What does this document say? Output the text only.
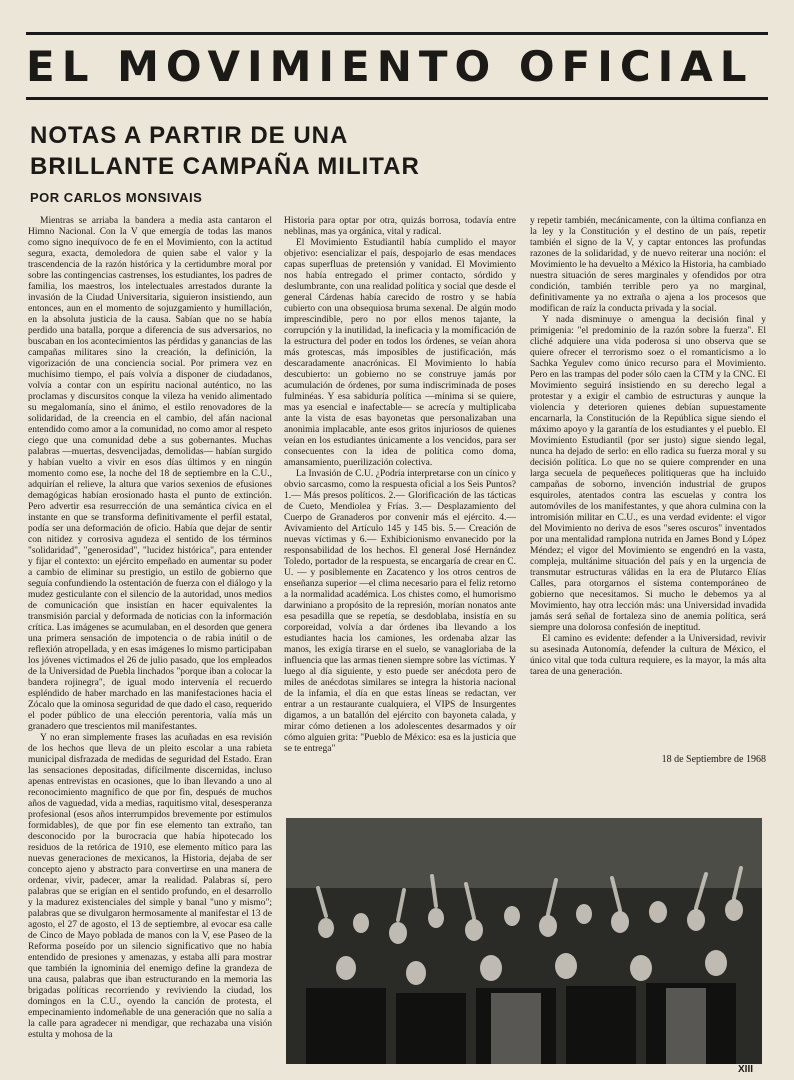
EL MOVIMIENTO OFICIAL
NOTAS A PARTIR DE UNA
BRILLANTE CAMPAÑA MILITAR
POR CARLOS MONSIVAIS

Mientras se arriaba la bandera a media asta cantaron el Himno Nacional. Con la V que emergía de todas las manos como signo inequívoco de fe en el Movimiento, con la actitud segura, exacta, demoledora de quien sabe el valor y la trascendencia de la razón histórica y la certidumbre moral por sobre las contingencias castrenses, los estudiantes, los padres de familia, los maestros, los intelectuales arrestados durante la invasión de la Ciudad Universitaria, siguieron insistiendo, aun entonces, aun en el momento de sojuzgamiento y humillación, en la absoluta justicia de la causa. Sabían que no se había perdido una batalla, porque a diferencia de sus adversarios, no buscaban en los acontecimientos las pérdidas y ganancias de las campañas militares sino la creación, la definición, la vigorización de una conciencia social. Por primera vez en muchísimo tiempo, el país volvía a disponer de ciudadanos, volvía a contar con un espíritu nacional auténtico, no las proclamas y discursitos conque la vileza ha venido alimentado su megalomanía, sino el ánimo, el estilo renovadores de la solidaridad, de la creencia en el cambio, del afán nacional entendido como amor a la comunidad, no como amor al respeto ciego que una comunidad debe a sus gobernantes. Muchas palabras —muertas, desvencijadas, demolidas— habían surgido y habían vuelto a vivir en esos días últimos y en ningún momento como ese, la noche del 18 de septiembre en la C.U., adquirían el relieve, la altura que varios sexenios de efusiones demagógicas habían erosionado hasta el punto de extinción. Pero advertir esa resurrección de una semántica cívica en el instante en que se transforma definitivamente el perfil estatal, podía ser una deformación de oficio. Había que dejar de sentir con nitidez y corrosiva agudeza el sentido de los términos "solidaridad", "generosidad", "lucidez histórica", para entender y fijar el contexto: un ejército empeñado en aumentar su poder a cambio de eliminar su prestigio, un estilo de gobierno que seguía confundiendo la ostentación de fuerza con el diálogo y la mudez gesticulante con el silencio de la autoridad, unos medios de comunicación que insistían en hacer equivalentes la transmisión parcial y deformada de noticias con la información crítica. Las imágenes se acumulaban, en el desorden que genera una primera sensación de impotencia o de rabia inútil o de reflexión atropellada, y en esas imágenes lo mismo participaban los jóvenes victimados el 26 de julio pasado, que los empleados de la Universidad de Puebla linchados "porque iban a colocar la bandera rojinegra", de igual modo intervenía el recuerdo espléndido de haber marchado en las manifestaciones hacia el Zócalo que la ominosa seguridad de que dado el caso, requerido el poder público de una elección perentoria, valía más un granadero que trescientos mil manifestantes.

Y no eran simplemente frases las acuñadas en esa revisión de los hechos que lleva de un pleito escolar a una rabieta municipal disfrazada de medidas de seguridad del Estado. Eran las sensaciones depositadas, difícilmente discernidas, incluso apenas entrevistas en ocasiones, que lo iban llevando a uno al reconocimiento magnífico de que por fin, después de muchos años de vaguedad, vida a medias, raquitismo vital, desesperanza profesional (esos años interrumpidos brevemente por estímulos formidables), de que por fin ese elemento tan extraño, tan desconocido por la burocracia que había hipotecado los residuos de la retórica de 1910, ese elemento mítico para las nuevas generaciones de mexicanos, la Historia, dejaba de ser concepto ajeno y abstracto para convertirse en una manera de ordenar, vivir, padecer, amar la realidad. Palabras sí, pero palabras que se erigían en el sentido profundo, en el desarrollo y la madurez existenciales del simple y banal "uno y mismo"; palabras que se divulgaron hermosamente al manifestar el 13 de agosto, el 27 de agosto, el 13 de septiembre, al evocar esa calle de Cinco de Mayo poblada de manos con la V, ese Paseo de la Reforma poseído por un silencio significativo que no había entendido de presiones y amenazas, y estaba allí para mostrar que también la ignominia del enemigo define la grandeza de una causa, palabras que iban estructurando en la memoria las brigadas políticas recorriendo y reviviendo la ciudad, los domingos en la C.U., oyendo la canción de protesta, el empecinamiento indomeñable de una generación que no salía a la calle para agradecer ni mendigar, que rechazaba una visión estulta y mohosa de la

Historia para optar por otra, quizás borrosa, todavía entre neblinas, mas ya orgánica, vital y radical.

El Movimiento Estudiantil había cumplido el mayor objetivo: esencializar el país, despojarlo de esas mendaces capas superfluas de pretensión y vanidad. El Movimiento nos había entregado el primer contacto, sórdido y deslumbrante, con una realidad política y social que desde el general Cárdenas había carecido de rostro y se había cubierto con una obsequiosa bruma sexenal. De algún modo imprescindible, pero no por ellos menos tajante, la corrupción y la inutilidad, la ineficacia y la momificación de la estructura del poder en todos los órdenes, se veían ahora más grotescas, más imposibles de justificación, más descaradamente anacrónicas. El Movimiento lo había descubierto: un gobierno no se construye jamás por acumulación de órdenes, por suma indiscriminada de poses fulminéas. Y esa sabiduría política —mínima si se quiere, mas ya esencial e inafectable— se acrecía y multiplicaba ante la vista de esas bayonetas que personalizaban una anonimia implacable, ante esos gritos injuriosos de quienes veían en los estudiantes únicamente a los vencidos, para ser consecuentes con la idea de política como doma, amansamiento, puerilización colectiva.

La Invasión de C.U. ¿Podría interpretarse con un cínico y obvio sarcasmo, como la respuesta oficial a los Seis Puntos? 1.— Más presos políticos. 2.— Glorificación de las tácticas de Cueto, Mendiolea y Frías. 3.— Desplazamiento del Cuerpo de Granaderos por convenir más el ejército. 4.— Avivamiento del Artículo 145 y 145 bis. 5.— Creación de nuevas víctimas y 6.— Exhibicionismo envanecido por la responsabilidad de los hechos. El general José Hernández Toledo, portador de la respuesta, se encargaría de crear en C. U. — y posiblemente en Zacatenco y los otros centros de enseñanza superior —el clima necesario para el feliz retorno a la normalidad académica. Los chistes como, el humorismo darwiniano a propósito de la represión, morían nonatos ante esa pesadilla que se repetía, se desdoblaba, insistía en su corporeidad, volvía a dar órdenes iba llevando a los estudiantes hacia los camiones, les ordenaba alzar las manos, les exigía tirarse en el suelo, se vanagloriaba de la influencia que las armas tienen siempre sobre las víctimas. Y luego al día siguiente, y esto puede ser anécdota pero de miles de anécdotas similares se integra la historia nacional de la infamia, el día en que estas líneas se redactan, ver entrar a un restaurante cualquiera, el VIPS de Insurgentes digamos, a un batallón del ejército con bayoneta calada, y mirar cómo detienen a los adolescentes desarmados y oír cómo alguien grita: "Pueblo de México: esa es la justicia que se te entrega"

y repetir también, mecánicamente, con la última confianza en la ley y la Constitución y el destino de un país, repetir también el signo de la V, y captar entonces las profundas razones de la solidaridad, y de nuevo reiterar una noción: el Movimiento le ha devuelto a México la Historia, ha cambiado nuestra situación de seres marginales y ofendidos por otra condición, también terrible pero ya no marginal, definitivamente ya no extraña o ajena a los procesos que modifican de raíz la conducta privada y la social.

Y nada disminuye o amengua la decisión final y primigenia: "el predominio de la razón sobre la fuerza". El cliché adquiere una vida poderosa si uno observa que se quiere ofrecer el terrorismo soez o el romanticismo a lo Sachka Yegulev como único recurso para el Movimiento. Pero en las trampas del poder sólo caen la CTM y la CNC. El Movimiento seguirá insistiendo en su derecho legal a protestar y a exigir el cambio de estructuras y aunque la violencia y deterioren quienes debían supuestamente encarnarla, la Constitución de la República sigue siendo el máximo apoyo y la garantía de los estudiantes y el pueblo. El Movimiento Estudiantil (por ser justo) sigue siendo legal, nunca ha dejado de serlo: en ello radica su fuerza moral y su decisión política. Lo que no se quiere comprender en una larga secuela de pequeñeces politiqueras que ha incluido campañas de soborno, invención industrial de grupos esquiroles, atentados contra las escuelas y contra los automóviles de los manifestantes, y que ahora culmina con la intromisión militar en C.U., es una verdad evidente: el vigor del Movimiento no deriva de esos "seres oscuros" inventados por una mentalidad ramplona nutrida en James Bond y López Méndez; el vigor del Movimiento se engendró en la vasta, compleja, multánime situación del país y en la urgencia de transmutar estructuras válidas en la era de Plutarco Elías Calles, para otorgarnos el sistema contemporáneo de gobierno que necesitamos. Si mucho le debemos ya al Movimiento, hay otra lección más: una Universidad invadida jamás será señal de fortaleza sino de anemia política, será siempre una dolorosa confesión de ineptitud.

El camino es evidente: defender a la Universidad, revivir su asesinada Autonomía, defender la cultura de México, el único vital que toda cultura requiere, es la mayor, la más alta tarea de una generación.

18 de Septiembre de 1968
XIII
